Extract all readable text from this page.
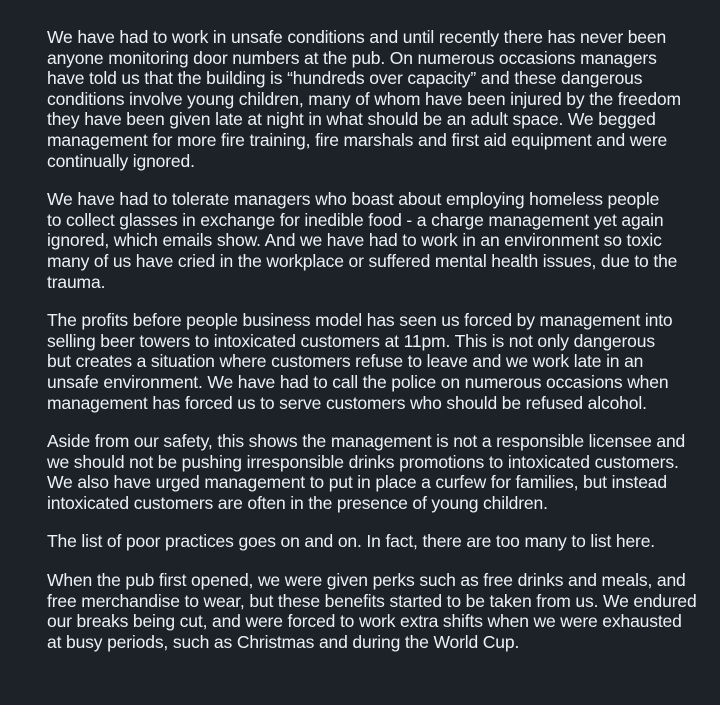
We have had to work in unsafe conditions and until recently there has never been
anyone monitoring door numbers at the pub. On numerous occasions managers
have told us that the building is “hundreds over capacity” and these dangerous
conditions involve young children, many of whom have been injured by the freedom
they have been given late at night in what should be an adult space. We begged
management for more fire training, fire marshals and first aid equipment and were
continually ignored.

We have had to tolerate managers who boast about employing homeless people
to collect glasses in exchange for inedible food - a charge management yet again
ignored, which emails show. And we have had to work in an environment so toxic
many of us have cried in the workplace or suffered mental health issues, due to the
trauma.

The profits before people business model has seen us forced by management into
selling beer towers to intoxicated customers at 11pm. This is not only dangerous
but creates a situation where customers refuse to leave and we work late in an
unsafe environment. We have had to call the police on numerous occasions when
management has forced us to serve customers who should be refused alcohol.

Aside from our safety, this shows the management is not a responsible licensee and
we should not be pushing irresponsible drinks promotions to intoxicated customers.
We also have urged management to put in place a curfew for families, but instead
intoxicated customers are often in the presence of young children.

The list of poor practices goes on and on. In fact, there are too many to list here.

When the pub first opened, we were given perks such as free drinks and meals, and
free merchandise to wear, but these benefits started to be taken from us. We endured
our breaks being cut, and were forced to work extra shifts when we were exhausted
at busy periods, such as Christmas and during the World Cup.
